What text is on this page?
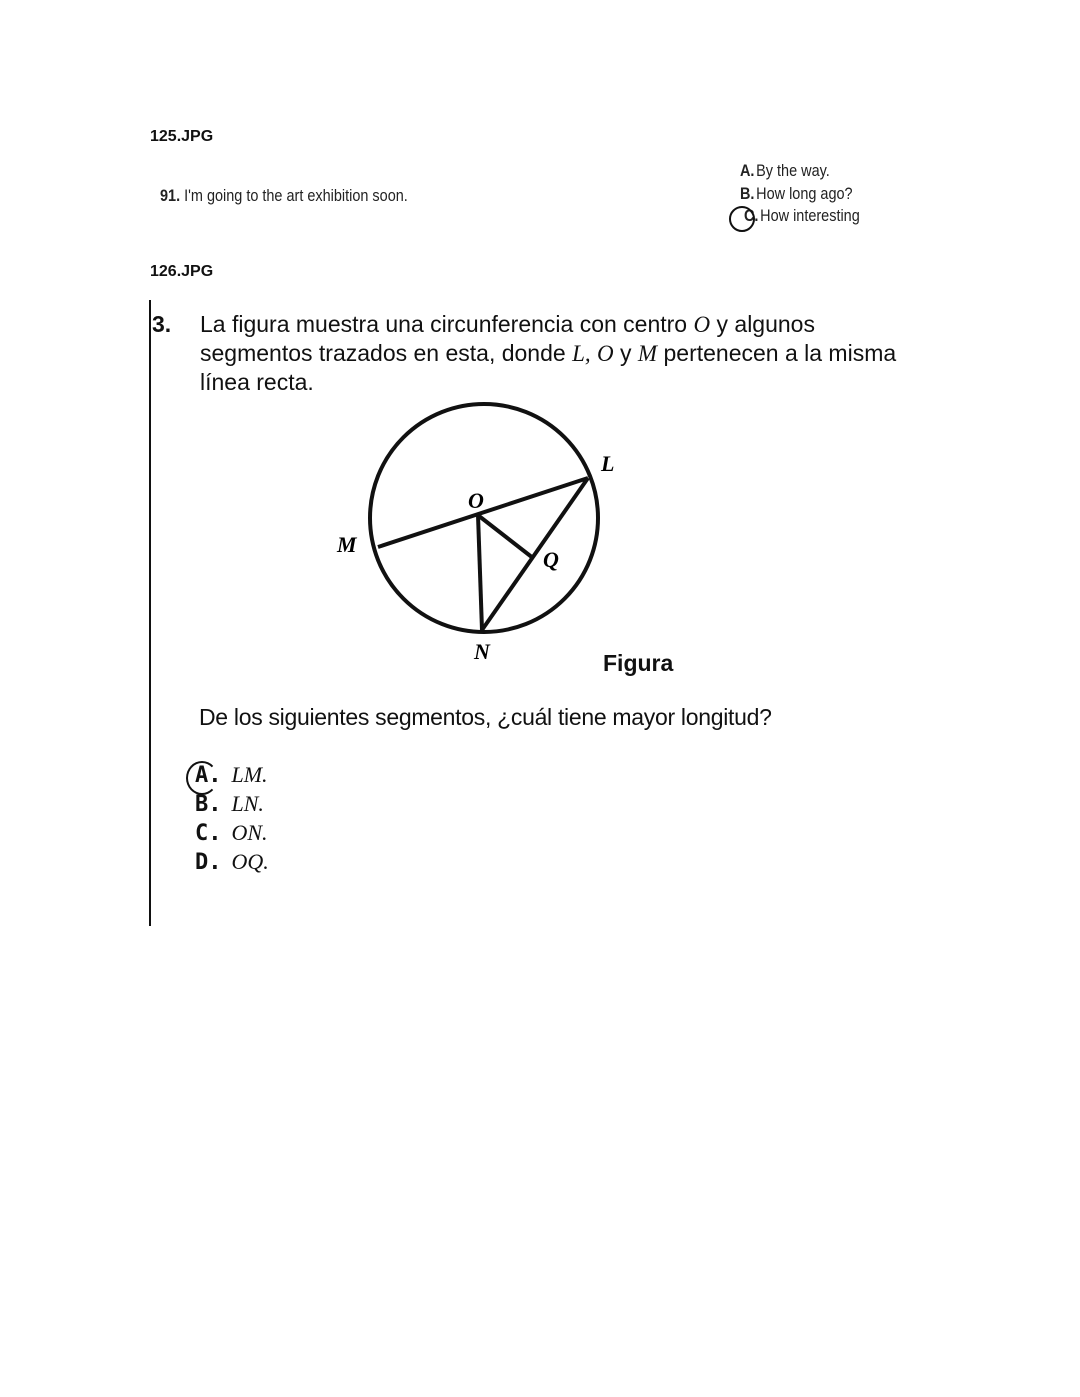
125.JPG
91. I'm going to the art exhibition soon.
A. By the way.
B. How long ago?
C. How interesting
126.JPG
3. La figura muestra una circunferencia con centro O y algunos segmentos trazados en esta, donde L, O y M pertenecen a la misma línea recta.
L
O
M
Q
N	Figura
De los siguientes segmentos, ¿cuál tiene mayor longitud?
A. LM.
B. LN.
C. ON.
D. OQ.
